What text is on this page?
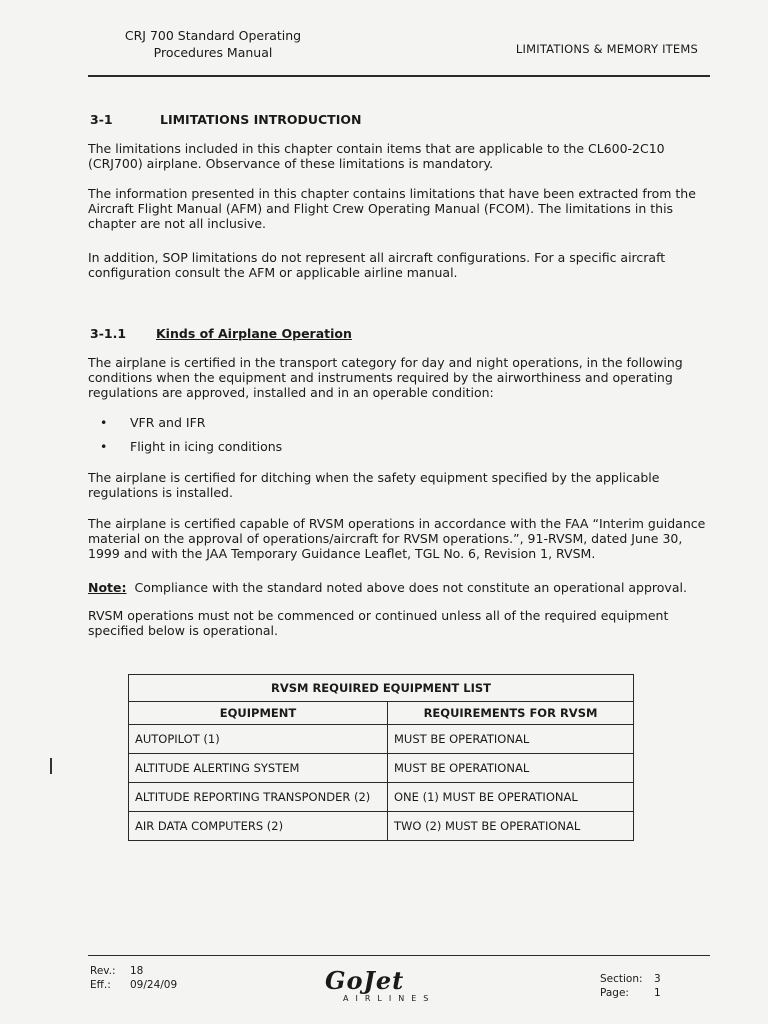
CRJ 700 Standard Operating
Procedures Manual	LIMITATIONS & MEMORY ITEMS
3-1	LIMITATIONS INTRODUCTION
The limitations included in this chapter contain items that are applicable to the CL600-2C10 (CRJ700) airplane. Observance of these limitations is mandatory.
The information presented in this chapter contains limitations that have been extracted from the Aircraft Flight Manual (AFM) and Flight Crew Operating Manual (FCOM). The limitations in this chapter are not all inclusive.
In addition, SOP limitations do not represent all aircraft configurations. For a specific aircraft configuration consult the AFM or applicable airline manual.
3-1.1 Kinds of Airplane Operation
The airplane is certified in the transport category for day and night operations, in the following conditions when the equipment and instruments required by the airworthiness and operating regulations are approved, installed and in an operable condition:
• VFR and IFR
• Flight in icing conditions
The airplane is certified for ditching when the safety equipment specified by the applicable regulations is installed.
The airplane is certified capable of RVSM operations in accordance with the FAA “Interim guidance material on the approval of operations/aircraft for RVSM operations.”, 91-RVSM, dated June 30, 1999 and with the JAA Temporary Guidance Leaflet, TGL No. 6, Revision 1, RVSM.
Note: Compliance with the standard noted above does not constitute an operational approval.
RVSM operations must not be commenced or continued unless all of the required equipment specified below is operational.
RVSM REQUIRED EQUIPMENT LIST	
EQUIPMENT	REQUIREMENTS FOR RVSM
AUTOPILOT (1)	MUST BE OPERATIONAL
ALTITUDE ALERTING SYSTEM	MUST BE OPERATIONAL
ALTITUDE REPORTING TRANSPONDER (2)	ONE (1) MUST BE OPERATIONAL
AIR DATA COMPUTERS (2)	TWO (2) MUST BE OPERATIONAL
Rev.: 18
Eff.: 09/24/09	GoJet
AIRLINES
Section: 3
Page: 1
